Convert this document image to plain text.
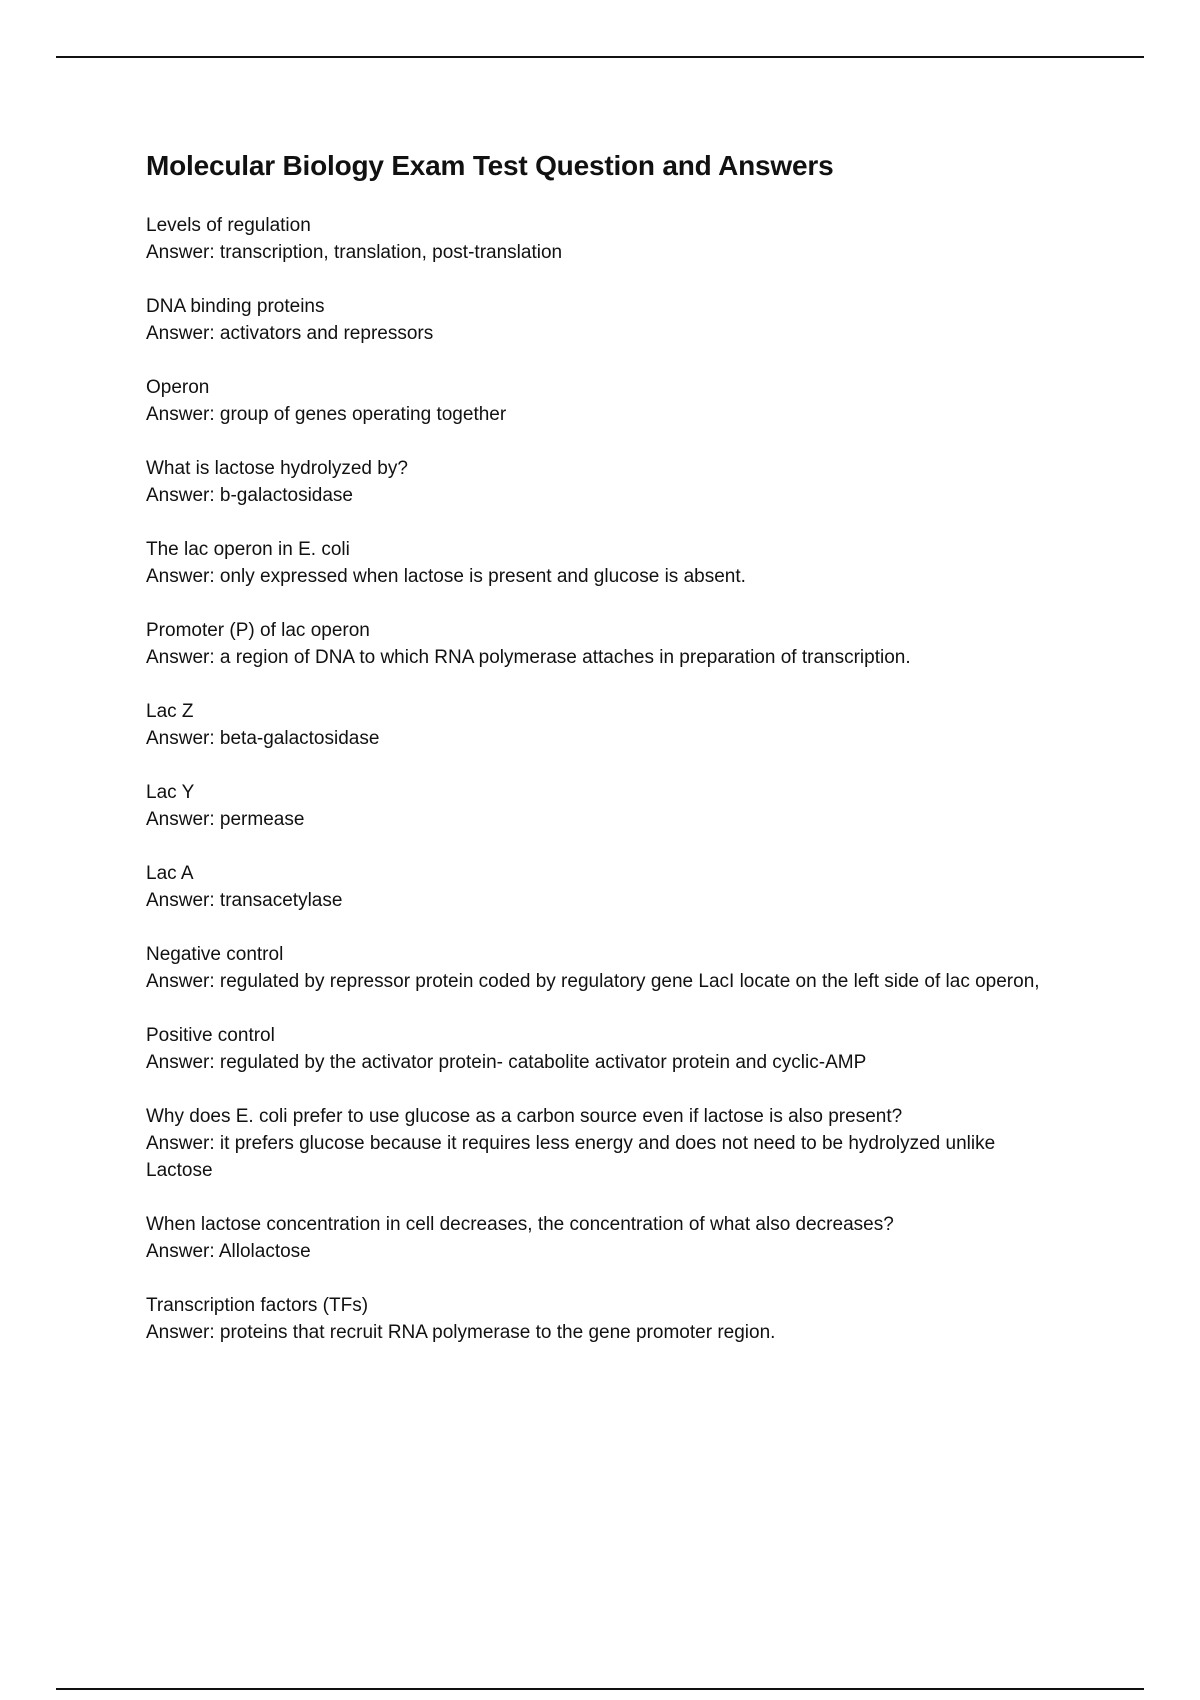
Molecular Biology Exam Test Question and Answers

Levels of regulation

Answer: transcription, translation, post-translation

DNA binding proteins

Answer: activators and repressors

Operon

Answer: group of genes operating together

What is lactose hydrolyzed by?

Answer: b-galactosidase

The lac operon in E. coli

Answer: only expressed when lactose is present and glucose is absent.

Promoter (P) of lac operon

Answer: a region of DNA to which RNA polymerase attaches in preparation of transcription.

Lac Z

Answer: beta-galactosidase

Lac Y

Answer: permease

Lac A

Answer: transacetylase

Negative control

Answer: regulated by repressor protein coded by regulatory gene LacI locate on the left side of lac operon,

Positive control

Answer: regulated by the activator protein- catabolite activator protein and cyclic-AMP

Why does E. coli prefer to use glucose as a carbon source even if lactose is also present?

Answer: it prefers glucose because it requires less energy and does not need to be hydrolyzed unlike Lactose

When lactose concentration in cell decreases, the concentration of what also decreases?

Answer: Allolactose

Transcription factors (TFs)

Answer: proteins that recruit RNA polymerase to the gene promoter region.
